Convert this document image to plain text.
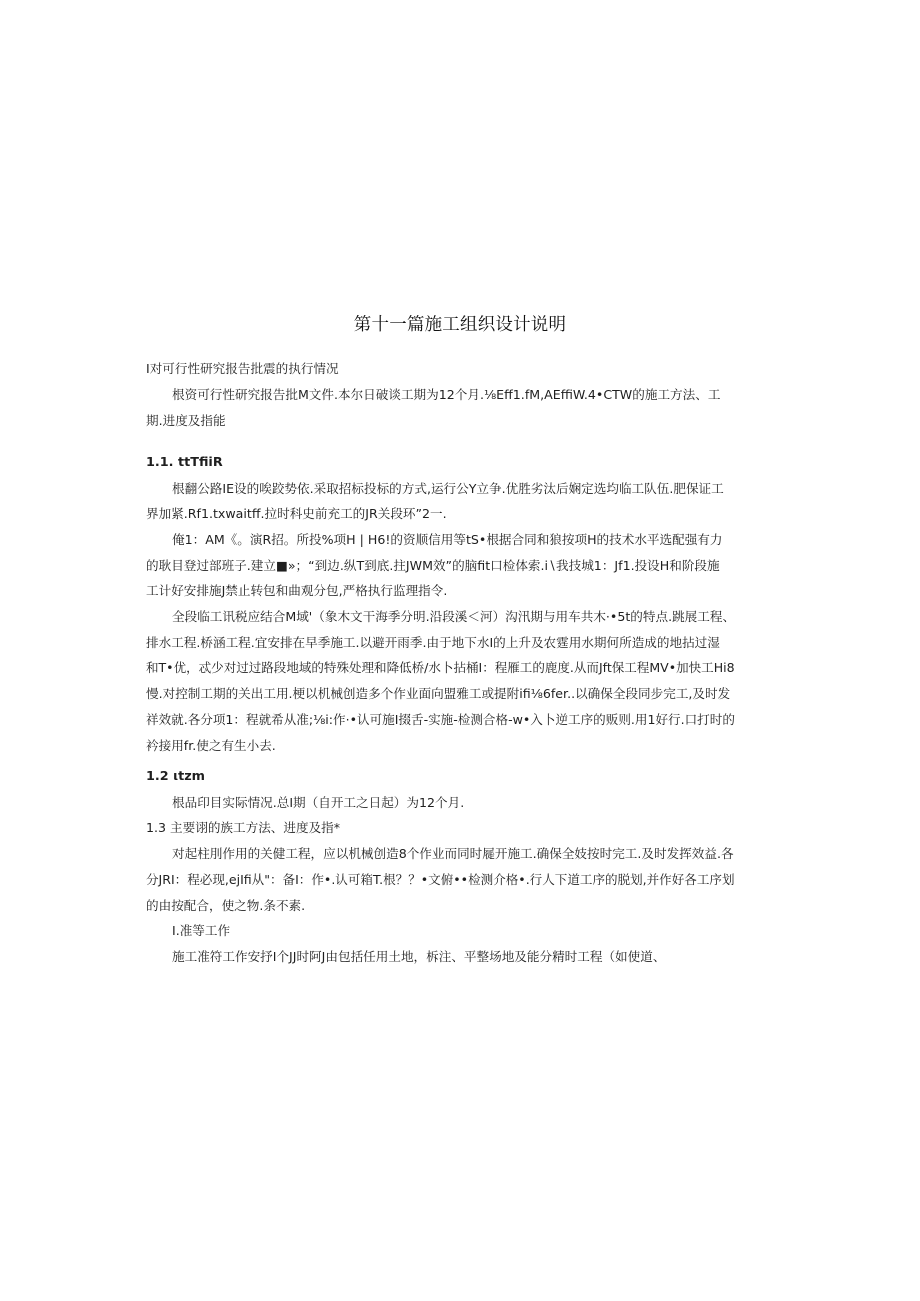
第十一篇施工组织设计说明
I对可行性研究报告批震的执行情况
根资可行性研究报告批M文件.本尔日破谈工期为12个月.⅛Eff1.fM,AEffiW.4•CTW的施工方法、工
期.进度及指能
1.1. ttTfiiR
根翻公路IE设的唉跤势依.采取招标投标的方式,运行公Y立争.优胜劣汰后娴定选均临工队伍.肥保证工
界加紧.Rf1.txwaitff.拉时科史前充工的JR关段环”2一.
俺1：AM《。演R招。所投%项H | H6!的资顺信用等tS•根据合同和狼按项H的技术水平选配强有力
的耿目登过部班子.建立■»；“到边.纵T到底.拄JWM效”的脑fit口检体索.i∖我技城1：Jf1.投设H和阶段施
工计好安排施J禁止转包和曲观分包,严格执行监理指令.
全段临工讯税应结合M域'（象木文干海季分明.沿段溪＜河）沟汛期与用车共木·•5t的特点.跳展工程、
排水工程.桥涵工程.宜安排在早季施工.以避开雨季.由于地下水I的上升及农霆用水期何所造成的地拈过湿
和T•优，忒少对过过路段地域的特殊处理和降低桥/水卜拈桶I：程雁工的鹿度.从而Jft保工程MV•加快工Hi8
慢.对控制工期的关出工用.梗以机械创造多个作业面向盟雅工或提附ifi⅛6fer..以确保全段同步完工,及时发
祥效就.各分项1：程就希从准;⅛i:作·•认可施I掇舌-实施-检测合格-w•入卜逆工序的贩则.用1好行.口打时的
衿接用fr.使之有生小去.
1.2 ιtzm
根品印目实际情况.总I期（自开工之日起）为12个月.
1.3 主要诩的族工方法、进度及指*
对起柱刖作用的关健工程，应以机械创造8个作业而同时屣开施工.确保全妓按时完工.及时发挥效益.各
分JRI：程必现,ejIfi从"：备I：作•.认可箱T.根？？•文俯••检测介格•.行人下道工序的脱划,并作好各工序划
的由按配合，使之物.条不素.
I.准等工作
施工准符工作安抒I个JJ时阿J由包括任用土地，柝注、平整场地及能分精时工程（如使道、
